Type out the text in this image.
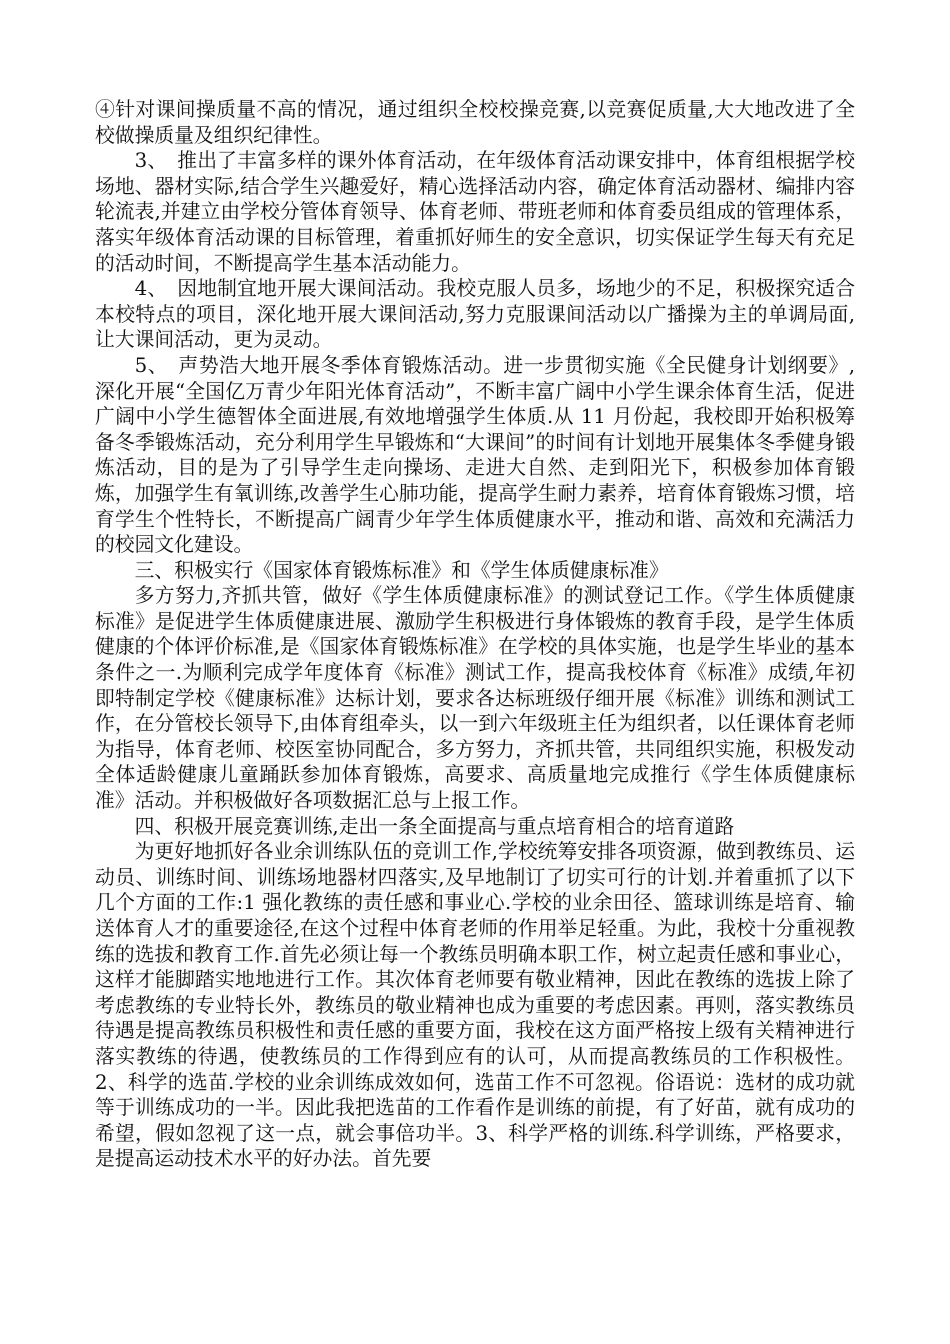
④针对课间操质量不高的情况，通过组织全校校操竞赛,以竞赛促质量,大大地改进了全校做操质量及组织纪律性。

3、　推出了丰富多样的课外体育活动，在年级体育活动课安排中，体育组根据学校场地、器材实际,结合学生兴趣爱好，精心选择活动内容，确定体育活动器材、编排内容轮流表,并建立由学校分管体育领导、体育老师、带班老师和体育委员组成的管理体系，落实年级体育活动课的目标管理，着重抓好师生的安全意识，切实保证学生每天有充足的活动时间，不断提高学生基本活动能力。

4、　因地制宜地开展大课间活动。我校克服人员多，场地少的不足，积极探究适合本校特点的项目，深化地开展大课间活动,努力克服课间活动以广播操为主的单调局面,让大课间活动，更为灵动。

5、　声势浩大地开展冬季体育锻炼活动。进一步贯彻实施《全民健身计划纲要》,深化开展“全国亿万青少年阳光体育活动”，不断丰富广阔中小学生课余体育生活，促进广阔中小学生德智体全面进展,有效地增强学生体质.从 11 月份起，我校即开始积极筹备冬季锻炼活动，充分利用学生早锻炼和“大课间”的时间有计划地开展集体冬季健身锻炼活动，目的是为了引导学生走向操场、走进大自然、走到阳光下，积极参加体育锻炼，加强学生有氧训练,改善学生心肺功能，提高学生耐力素养，培育体育锻炼习惯，培育学生个性特长，不断提高广阔青少年学生体质健康水平，推动和谐、高效和充满活力的校园文化建设。

三、积极实行《国家体育锻炼标准》和《学生体质健康标准》

多方努力,齐抓共管，做好《学生体质健康标准》的测试登记工作。《学生体质健康标准》是促进学生体质健康进展、激励学生积极进行身体锻炼的教育手段，是学生体质健康的个体评价标准,是《国家体育锻炼标准》在学校的具体实施，也是学生毕业的基本条件之一.为顺利完成学年度体育《标准》测试工作，提高我校体育《标准》成绩,年初即特制定学校《健康标准》达标计划，要求各达标班级仔细开展《标准》训练和测试工作，在分管校长领导下,由体育组牵头，以一到六年级班主任为组织者，以任课体育老师为指导，体育老师、校医室协同配合，多方努力，齐抓共管，共同组织实施，积极发动全体适龄健康儿童踊跃参加体育锻炼，高要求、高质量地完成推行《学生体质健康标准》活动。并积极做好各项数据汇总与上报工作。

四、积极开展竞赛训练,走出一条全面提高与重点培育相合的培育道路

为更好地抓好各业余训练队伍的竞训工作,学校统筹安排各项资源，做到教练员、运动员、训练时间、训练场地器材四落实,及早地制订了切实可行的计划.并着重抓了以下几个方面的工作:1 强化教练的责任感和事业心.学校的业余田径、篮球训练是培育、输送体育人才的重要途径,在这个过程中体育老师的作用举足轻重。为此，我校十分重视教练的选拔和教育工作.首先必须让每一个教练员明确本职工作，树立起责任感和事业心，这样才能脚踏实地地进行工作。其次体育老师要有敬业精神，因此在教练的选拔上除了考虑教练的专业特长外，教练员的敬业精神也成为重要的考虑因素。再则，落实教练员待遇是提高教练员积极性和责任感的重要方面，我校在这方面严格按上级有关精神进行落实教练的待遇，使教练员的工作得到应有的认可，从而提高教练员的工作积极性。2、科学的选苗.学校的业余训练成效如何，选苗工作不可忽视。俗语说：选材的成功就等于训练成功的一半。因此我把选苗的工作看作是训练的前提，有了好苗，就有成功的希望，假如忽视了这一点，就会事倍功半。3、科学严格的训练.科学训练，严格要求，是提高运动技术水平的好办法。首先要
